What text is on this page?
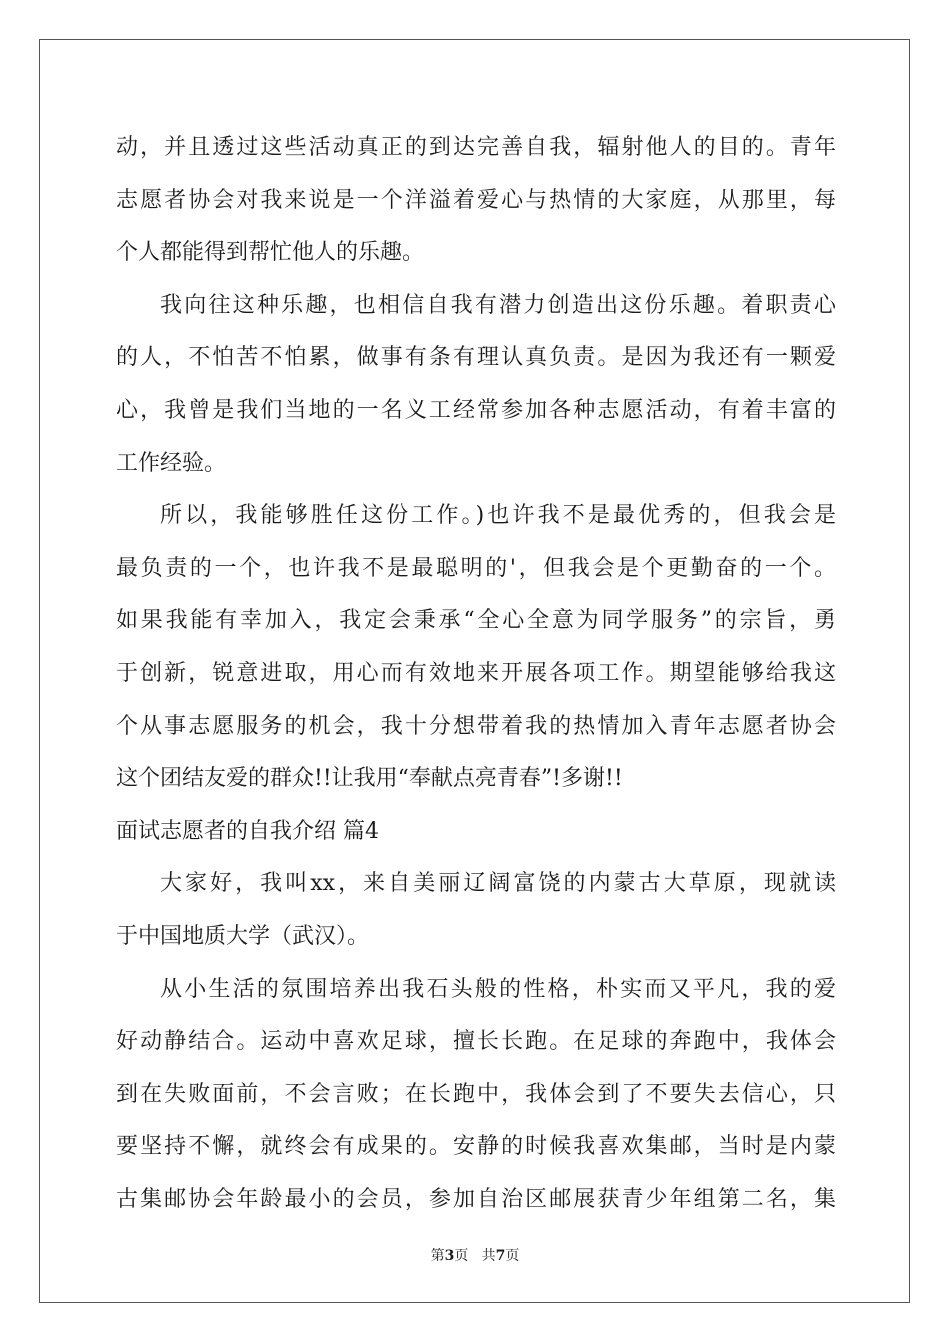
动，并且透过这些活动真正的到达完善自我，辐射他人的目的。青年
志愿者协会对我来说是一个洋溢着爱心与热情的大家庭，从那里，每
个人都能得到帮忙他人的乐趣。
我向往这种乐趣，也相信自我有潜力创造出这份乐趣。着职责心
的人，不怕苦不怕累，做事有条有理认真负责。是因为我还有一颗爱
心，我曾是我们当地的一名义工经常参加各种志愿活动，有着丰富的
工作经验。
所以，我能够胜任这份工作。)也许我不是最优秀的，但我会是
最负责的一个，也许我不是最聪明的'，但我会是个更勤奋的一个。
如果我能有幸加入，我定会秉承“全心全意为同学服务”的宗旨，勇
于创新，锐意进取，用心而有效地来开展各项工作。期望能够给我这
个从事志愿服务的机会，我十分想带着我的热情加入青年志愿者协会
这个团结友爱的群众!!让我用“奉献点亮青春”!多谢!!
面试志愿者的自我介绍 篇4
大家好，我叫xx，来自美丽辽阔富饶的内蒙古大草原，现就读
于中国地质大学（武汉）。
从小生活的氛围培养出我石头般的性格，朴实而又平凡，我的爱
好动静结合。运动中喜欢足球，擅长长跑。在足球的奔跑中，我体会
到在失败面前，不会言败；在长跑中，我体会到了不要失去信心，只
要坚持不懈，就终会有成果的。安静的时候我喜欢集邮，当时是内蒙
古集邮协会年龄最小的会员，参加自治区邮展获青少年组第二名，集
第3页 共7页
